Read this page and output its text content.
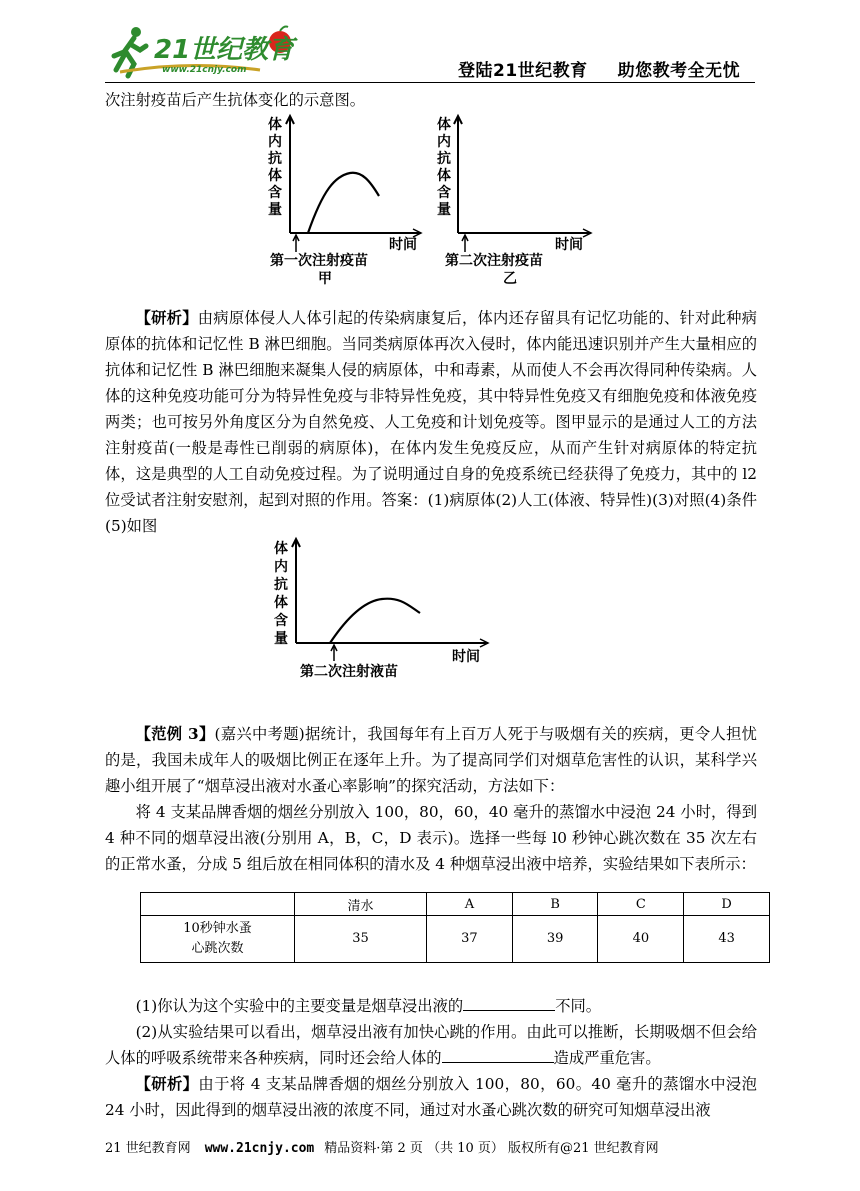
21世纪教育
www.21cnjy.com	登陆21世纪教育 助您教考全无忧
次注射疫苗后产生抗体变化的示意图。
体
内
抗
体
含
量
时间
第一次注射疫苗
甲
体
内
抗
体
含
量
时间
第二次注射疫苗
乙
【研析】由病原体侵人人体引起的传染病康复后，体内还存留具有记忆功能的、针对此种病原体的抗体和记忆性 B 淋巴细胞。当同类病原体再次入侵时，体内能迅速识别并产生大量相应的抗体和记忆性 B 淋巴细胞来凝集人侵的病原体，中和毒素，从而使人不会再次得同种传染病。人体的这种免疫功能可分为特异性免疫与非特异性免疫，其中特异性免疫又有细胞免疫和体液免疫两类；也可按另外角度区分为自然免疫、人工免疫和计划免疫等。图甲显示的是通过人工的方法注射疫苗(一般是毒性已削弱的病原体)，在体内发生免疫反应，从而产生针对病原体的特定抗体，这是典型的人工自动免疫过程。为了说明通过自身的免疫系统已经获得了免疫力，其中的 l2 位受试者注射安慰剂，起到对照的作用。答案：(1)病原体(2)人工(体液、特异性)(3)对照(4)条件(5)如图
体
内
抗
体
含
量
时间
第二次注射液苗
【范例 3】(嘉兴中考题)据统计，我国每年有上百万人死于与吸烟有关的疾病，更令人担忧的是，我国未成年人的吸烟比例正在逐年上升。为了提高同学们对烟草危害性的认识，某科学兴趣小组开展了“烟草浸出液对水蚤心率影响”的探究活动，方法如下：
将 4 支某品牌香烟的烟丝分别放入 100，80，60，40 毫升的蒸馏水中浸泡 24 小时，得到 4 种不同的烟草浸出液(分别用 A，B，C，D 表示)。选择一些每 l0 秒钟心跳次数在 35 次左右的正常水蚤，分成 5 组后放在相同体积的清水及 4 种烟草浸出液中培养，实验结果如下表所示：
	清水	A	B	C	D
10秒钟水蚤
心跳次数	35	37	39	40	43
(1)你认为这个实验中的主要变量是烟草浸出液的	不同。
(2)从实验结果可以看出，烟草浸出液有加快心跳的作用。由此可以推断，长期吸烟不但会给人体的呼吸系统带来各种疾病，同时还会给人体的	造成严重危害。
【研析】由于将 4 支某品牌香烟的烟丝分别放入 100，80，60。40 毫升的蒸馏水中浸泡 24 小时，因此得到的烟草浸出液的浓度不同，通过对水蚤心跳次数的研究可知烟草浸出液
21 世纪教育网 www.21cnjy.com 精品资料·第 2 页 （共 10 页） 版权所有@21 世纪教育网
